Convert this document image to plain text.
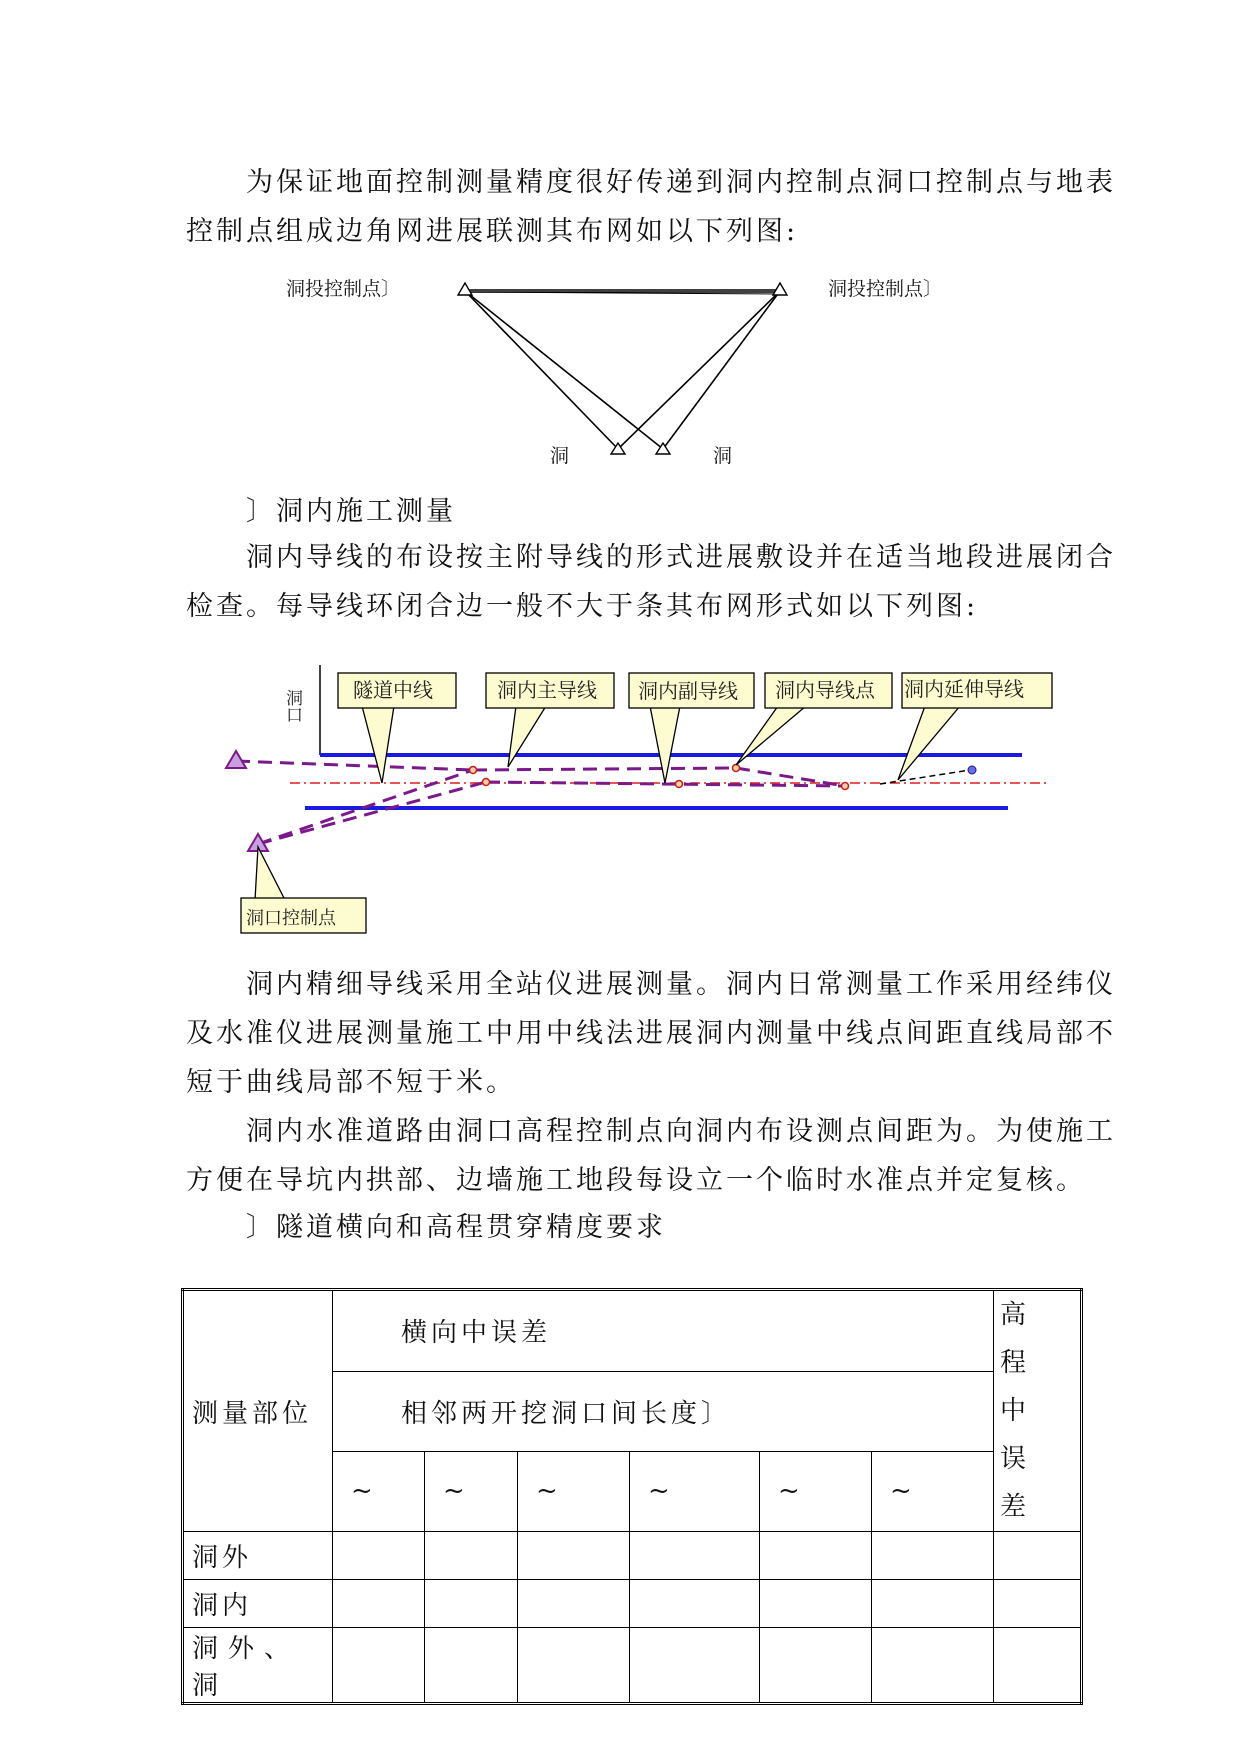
为保证地面控制测量精度很好传递到洞内控制点洞口控制点与地表
控制点组成边角网进展联测其布网如以下列图:
洞投控制点〕	洞投控制点〕
洞	洞
〕洞内施工测量
洞内导线的布设按主附导线的形式进展敷设并在适当地段进展闭合
检查。每导线环闭合边一般不大于条其布网形式如以下列图:
洞口	隧道中线	洞内主导线 洞内副导线 洞内导线点 洞内延伸导线
洞口控制点
洞内精细导线采用全站仪进展测量。洞内日常测量工作采用经纬仪
及水准仪进展测量施工中用中线法进展洞内测量中线点间距直线局部不
短于曲线局部不短于米。
洞内水准道路由洞口高程控制点向洞内布设测点间距为。为使施工
方便在导坑内拱部、边墙施工地段每设立一个临时水准点并定复核。
〕隧道横向和高程贯穿精度要求
测量部位	横向中误差						高程中误差
	相邻两开挖洞口间长度〕						
	~	~	~	~	~	~	
洞外							
洞内							
洞外、洞							
